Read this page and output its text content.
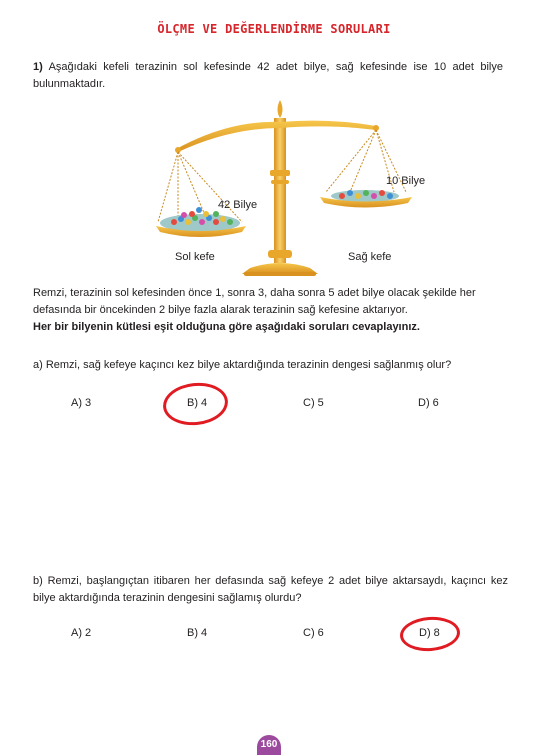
ÖLÇME VE DEĞERLENDİRME SORULARI
1) Aşağıdaki kefeli terazinin sol kefesinde 42 adet bilye, sağ kefesinde ise 10 adet bilye bulunmaktadır.
42 Bilye
10 Bilye
Sol kefe	Sağ kefe
Remzi, terazinin sol kefesinden önce 1, sonra 3, daha sonra 5 adet bilye olacak şekilde her
defasında bir öncekinden 2 bilye fazla alarak terazinin sağ kefesine aktarıyor.
Her bir bilyenin kütlesi eşit olduğuna göre aşağıdaki soruları cevaplayınız.
a) Remzi, sağ kefeye kaçıncı kez bilye aktardığında terazinin dengesi sağlanmış olur?
A) 3	B) 4	C) 5	D) 6
b) Remzi, başlangıçtan itibaren her defasında sağ kefeye 2 adet bilye aktarsaydı, kaçıncı kez bilye aktardığında terazinin dengesini sağlamış olurdu?
A) 2	B) 4	C) 6	D) 8
160
